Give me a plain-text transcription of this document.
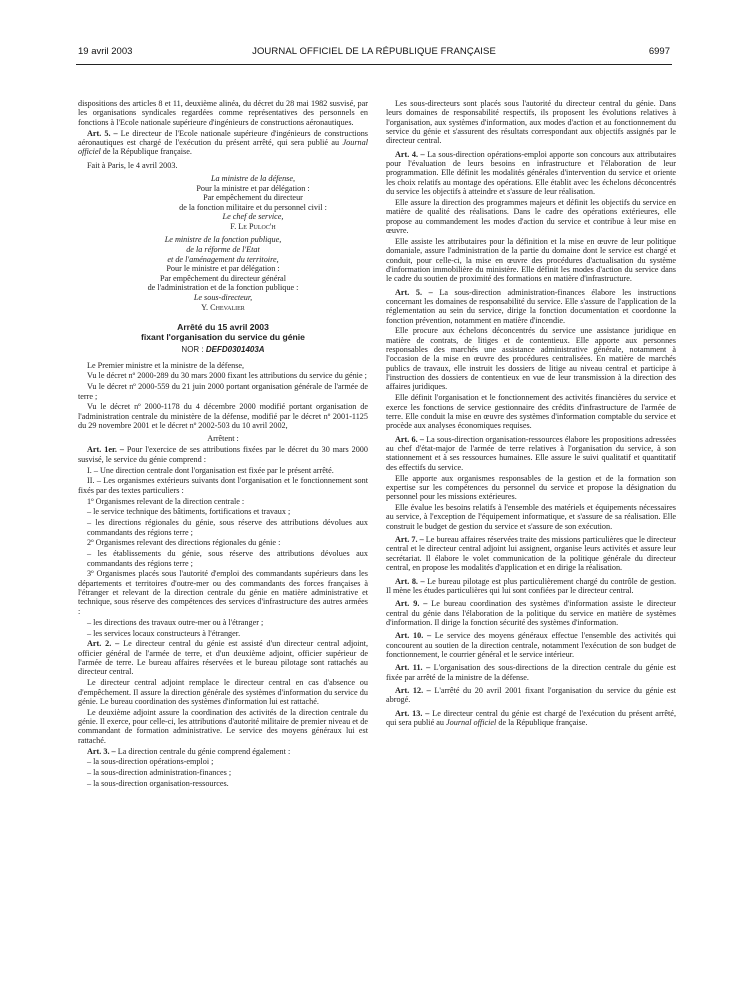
19 avril 2003	JOURNAL OFFICIEL DE LA RÉPUBLIQUE FRANÇAISE	6997

dispositions des articles 8 et 11, deuxième alinéa, du décret du 28 mai 1982 susvisé, par les organisations syndicales regardées comme représentatives des personnels en fonctions à l'Ecole nationale supérieure d'ingénieurs de constructions aéronautiques.

Art. 5. – Le directeur de l'Ecole nationale supérieure d'ingénieurs de constructions aéronautiques est chargé de l'exécution du présent arrêté, qui sera publié au Journal officiel de la République française.

Fait à Paris, le 4 avril 2003.

La ministre de la défense,
Pour la ministre et par délégation :
Par empêchement du directeur
de la fonction militaire et du personnel civil :
Le chef de service,
F. Le Puloc'h
Le ministre de la fonction publique,
de la réforme de l'Etat
et de l'aménagement du territoire,
Pour le ministre et par délégation :
Par empêchement du directeur général
de l'administration et de la fonction publique :
Le sous-directeur,
Y. Chevalier
Arrêté du 15 avril 2003
fixant l'organisation du service du génie
NOR : DEFD0301403A

Le Premier ministre et la ministre de la défense,

Vu le décret nº 2000-289 du 30 mars 2000 fixant les attributions du service du génie ;

Vu le décret nº 2000-559 du 21 juin 2000 portant organisation générale de l'armée de terre ;

Vu le décret nº 2000-1178 du 4 décembre 2000 modifié portant organisation de l'administration centrale du ministère de la défense, modifié par le décret nº 2001-1125 du 29 novembre 2001 et le décret nº 2002-503 du 10 avril 2002,

Arrêtent :

Art. 1er. – Pour l'exercice de ses attributions fixées par le décret du 30 mars 2000 susvisé, le service du génie comprend :

I. – Une direction centrale dont l'organisation est fixée par le présent arrêté.

II. – Les organismes extérieurs suivants dont l'organisation et le fonctionnement sont fixés par des textes particuliers :

1º Organismes relevant de la direction centrale :

– le service technique des bâtiments, fortifications et travaux ;

– les directions régionales du génie, sous réserve des attributions dévolues aux commandants des régions terre ;

2º Organismes relevant des directions régionales du génie :

– les établissements du génie, sous réserve des attributions dévolues aux commandants des régions terre ;

3º Organismes placés sous l'autorité d'emploi des commandants supérieurs dans les départements et territoires d'outre-mer ou des commandants des forces françaises à l'étranger et relevant de la direction centrale du génie en matière administrative et technique, sous réserve des compétences des services d'infrastructure des autres armées :

– les directions des travaux outre-mer ou à l'étranger ;

– les services locaux constructeurs à l'étranger.

Art. 2. – Le directeur central du génie est assisté d'un directeur central adjoint, officier général de l'armée de terre, et d'un deuxième adjoint, officier supérieur de l'armée de terre. Le bureau affaires réservées et le bureau pilotage sont rattachés au directeur central.

Le directeur central adjoint remplace le directeur central en cas d'absence ou d'empêchement. Il assure la direction générale des systèmes d'information du service du génie. Le bureau coordination des systèmes d'information lui est rattaché.

Le deuxième adjoint assure la coordination des activités de la direction centrale du génie. Il exerce, pour celle-ci, les attributions d'autorité militaire de premier niveau et de commandant de formation administrative. Le service des moyens généraux lui est rattaché.

Art. 3. – La direction centrale du génie comprend également :

– la sous-direction opérations-emploi ;

– la sous-direction administration-finances ;

– la sous-direction organisation-ressources.

Les sous-directeurs sont placés sous l'autorité du directeur central du génie. Dans leurs domaines de responsabilité respectifs, ils proposent les évolutions relatives à l'organisation, aux systèmes d'information, aux modes d'action et au fonctionnement du service du génie et s'assurent des résultats correspondant aux objectifs assignés par le directeur central.

Art. 4. – La sous-direction opérations-emploi apporte son concours aux attributaires pour l'évaluation de leurs besoins en infrastructure et l'élaboration de leur programmation. Elle définit les modalités générales d'intervention du service et oriente les choix relatifs au montage des opérations. Elle établit avec les échelons déconcentrés du service les objectifs à atteindre et s'assure de leur réalisation.

Elle assure la direction des programmes majeurs et définit les objectifs du service en matière de qualité des réalisations. Dans le cadre des opérations extérieures, elle propose au commandement les modes d'action du service et contribue à leur mise en œuvre.

Elle assiste les attributaires pour la définition et la mise en œuvre de leur politique domaniale, assure l'administration de la partie du domaine dont le service est chargé et conduit, pour celle-ci, la mise en œuvre des procédures d'actualisation du système d'information immobilière du ministère. Elle définit les modes d'action du service dans le cadre du soutien de proximité des formations en matière d'infrastructure.

Art. 5. – La sous-direction administration-finances élabore les instructions concernant les domaines de responsabilité du service. Elle s'assure de l'application de la réglementation au sein du service, dirige la fonction documentation et coordonne la fonction prévention, notamment en matière d'incendie.

Elle procure aux échelons déconcentrés du service une assistance juridique en matière de contrats, de litiges et de contentieux. Elle apporte aux personnes responsables des marchés une assistance administrative générale, notamment à l'occasion de la mise en œuvre des procédures centralisées. En matière de marchés publics de travaux, elle instruit les dossiers de litige au niveau central et participe à l'instruction des dossiers de contentieux en vue de leur transmission à la direction des affaires juridiques.

Elle définit l'organisation et le fonctionnement des activités financières du service et exerce les fonctions de service gestionnaire des crédits d'infrastructure de l'armée de terre. Elle conduit la mise en œuvre des systèmes d'information comptable du service et procède aux analyses économiques requises.

Art. 6. – La sous-direction organisation-ressources élabore les propositions adressées au chef d'état-major de l'armée de terre relatives à l'organisation du service, à son stationnement et à ses ressources humaines. Elle assure le suivi qualitatif et quantitatif des effectifs du service.

Elle apporte aux organismes responsables de la gestion et de la formation son expertise sur les compétences du personnel du service et propose la désignation du personnel pour les missions extérieures.

Elle évalue les besoins relatifs à l'ensemble des matériels et équipements nécessaires au service, à l'exception de l'équipement informatique, et s'assure de sa réalisation. Elle construit le budget de gestion du service et s'assure de son exécution.

Art. 7. – Le bureau affaires réservées traite des missions particulières que le directeur central et le directeur central adjoint lui assignent, organise leurs activités et assure leur secrétariat. Il élabore le volet communication de la politique générale du directeur central, en propose les modalités d'application et en dirige la réalisation.

Art. 8. – Le bureau pilotage est plus particulièrement chargé du contrôle de gestion. Il mène les études particulières qui lui sont confiées par le directeur central.

Art. 9. – Le bureau coordination des systèmes d'information assiste le directeur central du génie dans l'élaboration de la politique du service en matière de systèmes d'information. Il dirige la fonction sécurité des systèmes d'information.

Art. 10. – Le service des moyens généraux effectue l'ensemble des activités qui concourent au soutien de la direction centrale, notamment l'exécution de son budget de fonctionnement, le courrier général et le service intérieur.

Art. 11. – L'organisation des sous-directions de la direction centrale du génie est fixée par arrêté de la ministre de la défense.

Art. 12. – L'arrêté du 20 avril 2001 fixant l'organisation du service du génie est abrogé.

Art. 13. – Le directeur central du génie est chargé de l'exécution du présent arrêté, qui sera publié au Journal officiel de la République française.
